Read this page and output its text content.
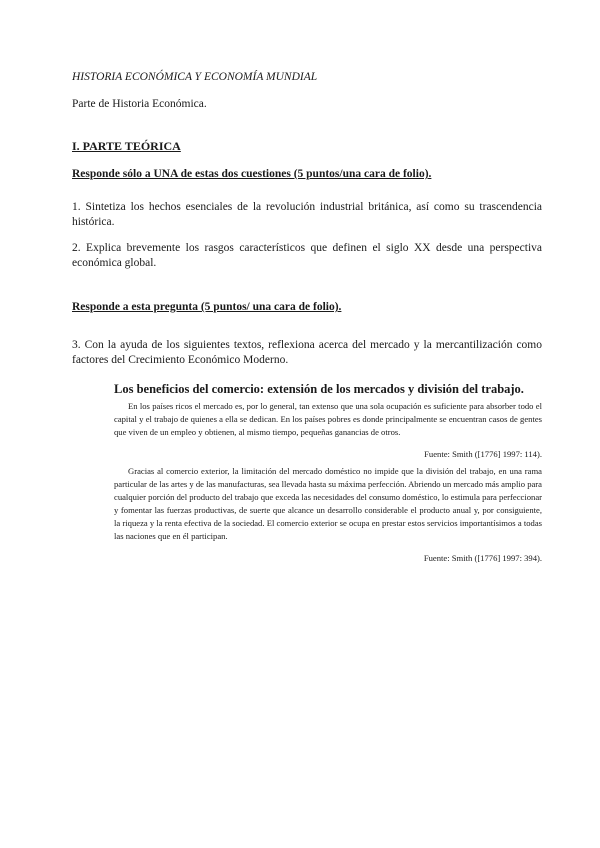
HISTORIA ECONÓMICA Y ECONOMÍA MUNDIAL
Parte de Historia Económica.
I. PARTE TEÓRICA
Responde sólo a UNA de estas dos cuestiones (5 puntos/una cara de folio).
1. Sintetiza los hechos esenciales de la revolución industrial británica, así como su trascendencia histórica.
2. Explica brevemente los rasgos característicos que definen el siglo XX desde una perspectiva económica global.
Responde a esta pregunta (5 puntos/ una cara de folio).
3. Con la ayuda de los siguientes textos, reflexiona acerca del mercado y la mercantilización como factores del Crecimiento Económico Moderno.
Los beneficios del comercio: extensión de los mercados y división del trabajo.

En los países ricos el mercado es, por lo general, tan extenso que una sola ocupación es suficiente para absorber todo el capital y el trabajo de quienes a ella se dedican. En los países pobres es donde principalmente se encuentran casos de gentes que viven de un empleo y obtienen, al mismo tiempo, pequeñas ganancias de otros.

Fuente: Smith ([1776] 1997: 114).

Gracias al comercio exterior, la limitación del mercado doméstico no impide que la división del trabajo, en una rama particular de las artes y de las manufacturas, sea llevada hasta su máxima perfección. Abriendo un mercado más amplio para cualquier porción del producto del trabajo que exceda las necesidades del consumo doméstico, lo estimula para perfeccionar y fomentar las fuerzas productivas, de suerte que alcance un desarrollo considerable el producto anual y, por consiguiente, la riqueza y la renta efectiva de la sociedad. El comercio exterior se ocupa en prestar estos servicios importantísimos a todas las naciones que en él participan.

Fuente: Smith ([1776] 1997: 394).
